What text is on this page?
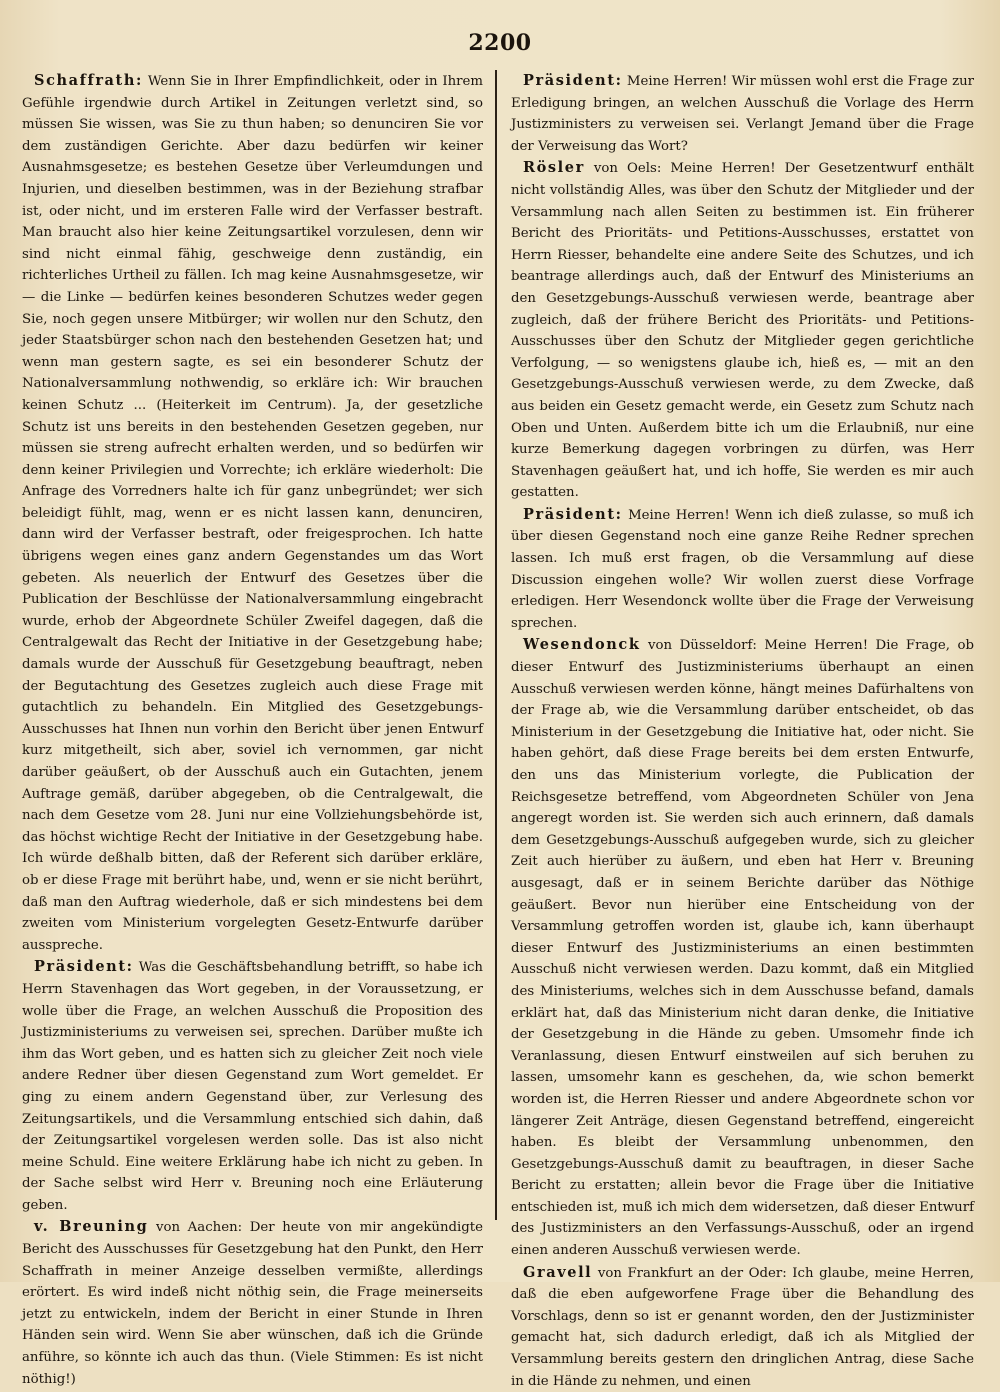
2200

Schaffrath: Wenn Sie in Ihrer Empfindlichkeit, oder in Ihrem Gefühle irgendwie durch Artikel in Zeitungen verletzt sind, so müssen Sie wissen, was Sie zu thun haben; so denunciren Sie vor dem zuständigen Gerichte. Aber dazu bedürfen wir keiner Ausnahmsgesetze; es bestehen Gesetze über Verleumdungen und Injurien, und dieselben bestimmen, was in der Beziehung strafbar ist, oder nicht, und im ersteren Falle wird der Verfasser bestraft. Man braucht also hier keine Zeitungsartikel vorzulesen, denn wir sind nicht einmal fähig, geschweige denn zuständig, ein richterliches Urtheil zu fällen. Ich mag keine Ausnahmsgesetze, wir — die Linke — bedürfen keines besonderen Schutzes weder gegen Sie, noch gegen unsere Mitbürger; wir wollen nur den Schutz, den jeder Staatsbürger schon nach den bestehenden Gesetzen hat; und wenn man gestern sagte, es sei ein besonderer Schutz der Nationalversammlung nothwendig, so erkläre ich: Wir brauchen keinen Schutz ... (Heiterkeit im Centrum). Ja, der gesetzliche Schutz ist uns bereits in den bestehenden Gesetzen gegeben, nur müssen sie streng aufrecht erhalten werden, und so bedürfen wir denn keiner Privilegien und Vorrechte; ich erkläre wiederholt: Die Anfrage des Vorredners halte ich für ganz unbegründet; wer sich beleidigt fühlt, mag, wenn er es nicht lassen kann, denunciren, dann wird der Verfasser bestraft, oder freigesprochen. Ich hatte übrigens wegen eines ganz andern Gegenstandes um das Wort gebeten. Als neuerlich der Entwurf des Gesetzes über die Publication der Beschlüsse der Nationalversammlung eingebracht wurde, erhob der Abgeordnete Schüler Zweifel dagegen, daß die Centralgewalt das Recht der Initiative in der Gesetzgebung habe; damals wurde der Ausschuß für Gesetzgebung beauftragt, neben der Begutachtung des Gesetzes zugleich auch diese Frage mit gutachtlich zu behandeln. Ein Mitglied des Gesetzgebungs-Ausschusses hat Ihnen nun vorhin den Bericht über jenen Entwurf kurz mitgetheilt, sich aber, soviel ich vernommen, gar nicht darüber geäußert, ob der Ausschuß auch ein Gutachten, jenem Auftrage gemäß, darüber abgegeben, ob die Centralgewalt, die nach dem Gesetze vom 28. Juni nur eine Vollziehungsbehörde ist, das höchst wichtige Recht der Initiative in der Gesetzgebung habe. Ich würde deßhalb bitten, daß der Referent sich darüber erkläre, ob er diese Frage mit berührt habe, und, wenn er sie nicht berührt, daß man den Auftrag wiederhole, daß er sich mindestens bei dem zweiten vom Ministerium vorgelegten Gesetz-Entwurfe darüber ausspreche.

Präsident: Was die Geschäftsbehandlung betrifft, so habe ich Herrn Stavenhagen das Wort gegeben, in der Voraussetzung, er wolle über die Frage, an welchen Ausschuß die Proposition des Justizministeriums zu verweisen sei, sprechen. Darüber mußte ich ihm das Wort geben, und es hatten sich zu gleicher Zeit noch viele andere Redner über diesen Gegenstand zum Wort gemeldet. Er ging zu einem andern Gegenstand über, zur Verlesung des Zeitungsartikels, und die Versammlung entschied sich dahin, daß der Zeitungsartikel vorgelesen werden solle. Das ist also nicht meine Schuld. Eine weitere Erklärung habe ich nicht zu geben. In der Sache selbst wird Herr v. Breuning noch eine Erläuterung geben.

v. Breuning von Aachen: Der heute von mir angekündigte Bericht des Ausschusses für Gesetzgebung hat den Punkt, den Herr Schaffrath in meiner Anzeige desselben vermißte, allerdings erörtert. Es wird indeß nicht nöthig sein, die Frage meinerseits jetzt zu entwickeln, indem der Bericht in einer Stunde in Ihren Händen sein wird. Wenn Sie aber wünschen, daß ich die Gründe anführe, so könnte ich auch das thun. (Viele Stimmen: Es ist nicht nöthig!)

Präsident: Meine Herren! Wir müssen wohl erst die Frage zur Erledigung bringen, an welchen Ausschuß die Vorlage des Herrn Justizministers zu verweisen sei. Verlangt Jemand über die Frage der Verweisung das Wort?

Rösler von Oels: Meine Herren! Der Gesetzentwurf enthält nicht vollständig Alles, was über den Schutz der Mitglieder und der Versammlung nach allen Seiten zu bestimmen ist. Ein früherer Bericht des Prioritäts- und Petitions-Ausschusses, erstattet von Herrn Riesser, behandelte eine andere Seite des Schutzes, und ich beantrage allerdings auch, daß der Entwurf des Ministeriums an den Gesetzgebungs-Ausschuß verwiesen werde, beantrage aber zugleich, daß der frühere Bericht des Prioritäts- und Petitions-Ausschusses über den Schutz der Mitglieder gegen gerichtliche Verfolgung, — so wenigstens glaube ich, hieß es, — mit an den Gesetzgebungs-Ausschuß verwiesen werde, zu dem Zwecke, daß aus beiden ein Gesetz gemacht werde, ein Gesetz zum Schutz nach Oben und Unten. Außerdem bitte ich um die Erlaubniß, nur eine kurze Bemerkung dagegen vorbringen zu dürfen, was Herr Stavenhagen geäußert hat, und ich hoffe, Sie werden es mir auch gestatten.

Präsident: Meine Herren! Wenn ich dieß zulasse, so muß ich über diesen Gegenstand noch eine ganze Reihe Redner sprechen lassen. Ich muß erst fragen, ob die Versammlung auf diese Discussion eingehen wolle? Wir wollen zuerst diese Vorfrage erledigen. Herr Wesendonck wollte über die Frage der Verweisung sprechen.

Wesendonck von Düsseldorf: Meine Herren! Die Frage, ob dieser Entwurf des Justizministeriums überhaupt an einen Ausschuß verwiesen werden könne, hängt meines Dafürhaltens von der Frage ab, wie die Versammlung darüber entscheidet, ob das Ministerium in der Gesetzgebung die Initiative hat, oder nicht. Sie haben gehört, daß diese Frage bereits bei dem ersten Entwurfe, den uns das Ministerium vorlegte, die Publication der Reichsgesetze betreffend, vom Abgeordneten Schüler von Jena angeregt worden ist. Sie werden sich auch erinnern, daß damals dem Gesetzgebungs-Ausschuß aufgegeben wurde, sich zu gleicher Zeit auch hierüber zu äußern, und eben hat Herr v. Breuning ausgesagt, daß er in seinem Berichte darüber das Nöthige geäußert. Bevor nun hierüber eine Entscheidung von der Versammlung getroffen worden ist, glaube ich, kann überhaupt dieser Entwurf des Justizministeriums an einen bestimmten Ausschuß nicht verwiesen werden. Dazu kommt, daß ein Mitglied des Ministeriums, welches sich in dem Ausschusse befand, damals erklärt hat, daß das Ministerium nicht daran denke, die Initiative der Gesetzgebung in die Hände zu geben. Umsomehr finde ich Veranlassung, diesen Entwurf einstweilen auf sich beruhen zu lassen, umsomehr kann es geschehen, da, wie schon bemerkt worden ist, die Herren Riesser und andere Abgeordnete schon vor längerer Zeit Anträge, diesen Gegenstand betreffend, eingereicht haben. Es bleibt der Versammlung unbenommen, den Gesetzgebungs-Ausschuß damit zu beauftragen, in dieser Sache Bericht zu erstatten; allein bevor die Frage über die Initiative entschieden ist, muß ich mich dem widersetzen, daß dieser Entwurf des Justizministers an den Verfassungs-Ausschuß, oder an irgend einen anderen Ausschuß verwiesen werde.

Gravell von Frankfurt an der Oder: Ich glaube, meine Herren, daß die eben aufgeworfene Frage über die Behandlung des Vorschlags, denn so ist er genannt worden, den der Justizminister gemacht hat, sich dadurch erledigt, daß ich als Mitglied der Versammlung bereits gestern den dringlichen Antrag, diese Sache in die Hände zu nehmen, und einen
